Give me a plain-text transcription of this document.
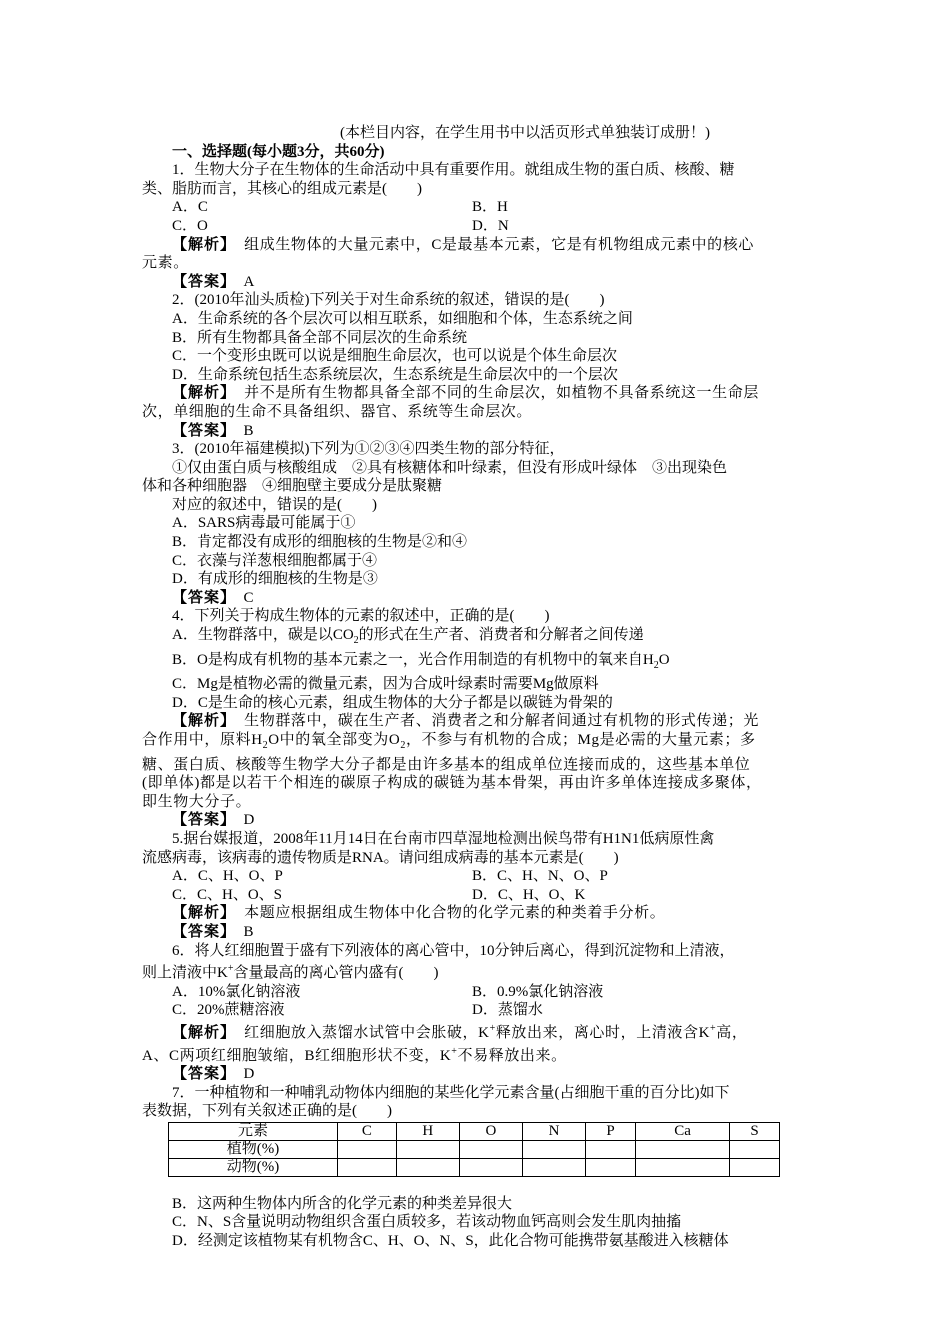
(本栏目内容，在学生用书中以活页形式单独装订成册！)

一、选择题(每小题3分，共60分)

1．生物大分子在生物体的生命活动中具有重要作用。就组成生物的蛋白质、核酸、糖

类、脂肪而言，其核心的组成元素是(　　)

A．C	B．H
C．O	D．N

【解析】　组成生物体的大量元素中，C是最基本元素，它是有机物组成元素中的核心

元素。

【答案】　A

2．(2010年汕头质检)下列关于对生命系统的叙述，错误的是(　　)

A．生命系统的各个层次可以相互联系，如细胞和个体，生态系统之间

B．所有生物都具备全部不同层次的生命系统

C．一个变形虫既可以说是细胞生命层次，也可以说是个体生命层次

D．生命系统包括生态系统层次，生态系统是生命层次中的一个层次

【解析】　并不是所有生物都具备全部不同的生命层次，如植物不具备系统这一生命层

次，单细胞的生命不具备组织、器官、系统等生命层次。

【答案】　B

3．(2010年福建模拟)下列为①②③④四类生物的部分特征，

①仅由蛋白质与核酸组成　②具有核糖体和叶绿素，但没有形成叶绿体　③出现染色

体和各种细胞器　④细胞壁主要成分是肽聚糖

对应的叙述中，错误的是(　　)

A．SARS病毒最可能属于①

B．肯定都没有成形的细胞核的生物是②和④

C．衣藻与洋葱根细胞都属于④

D．有成形的细胞核的生物是③

【答案】　C

4．下列关于构成生物体的元素的叙述中，正确的是(　　)

A．生物群落中，碳是以$CO_2$的形式在生产者、消费者和分解者之间传递

B．O是构成有机物的基本元素之一，光合作用制造的有机物中的氧来自$H_2O$

C．Mg是植物必需的微量元素，因为合成叶绿素时需要Mg做原料

D．C是生命的核心元素，组成生物体的大分子都是以碳链为骨架的

【解析】　生物群落中，碳在生产者、消费者之和分解者间通过有机物的形式传递；光

合作用中，原料$H_2O$中的氧全部变为$O_2$，不参与有机物的合成；Mg是必需的大量元素；多

糖、蛋白质、核酸等生物学大分子都是由许多基本的组成单位连接而成的，这些基本单位

(即单体)都是以若干个相连的碳原子构成的碳链为基本骨架，再由许多单体连接成多聚体，

即生物大分子。

【答案】　D

5.据台媒报道，2008年11月14日在台南市四草湿地检测出候鸟带有H1N1低病原性禽

流感病毒，该病毒的遗传物质是RNA。请问组成病毒的基本元素是(　　)

A．C、H、O、P	B．C、H、N、O、P
C．C、H、O、S	D．C、H、O、K

【解析】　本题应根据组成生物体中化合物的化学元素的种类着手分析。

【答案】　B

6．将人红细胞置于盛有下列液体的离心管中，10分钟后离心，得到沉淀物和上清液，

则上清液中K+含量最高的离心管内盛有(　　)

A．10%氯化钠溶液	B．0.9%氯化钠溶液
C．20%蔗糖溶液	D．蒸馏水

【解析】　红细胞放入蒸馏水试管中会胀破，K+释放出来，离心时，上清液含K+高，

A、C两项红细胞皱缩，B红细胞形状不变，K+不易释放出来。

【答案】　D

7．一种植物和一种哺乳动物体内细胞的某些化学元素含量(占细胞干重的百分比)如下

表数据，下列有关叙述正确的是(　　)

元素	C	H	O	N	P	Ca	S
植物(%)							
动物(%)							

B．这两种生物体内所含的化学元素的种类差异很大

C．N、S含量说明动物组织含蛋白质较多，若该动物血钙高则会发生肌肉抽搐

D．经测定该植物某有机物含C、H、O、N、S，此化合物可能携带氨基酸进入核糖体
